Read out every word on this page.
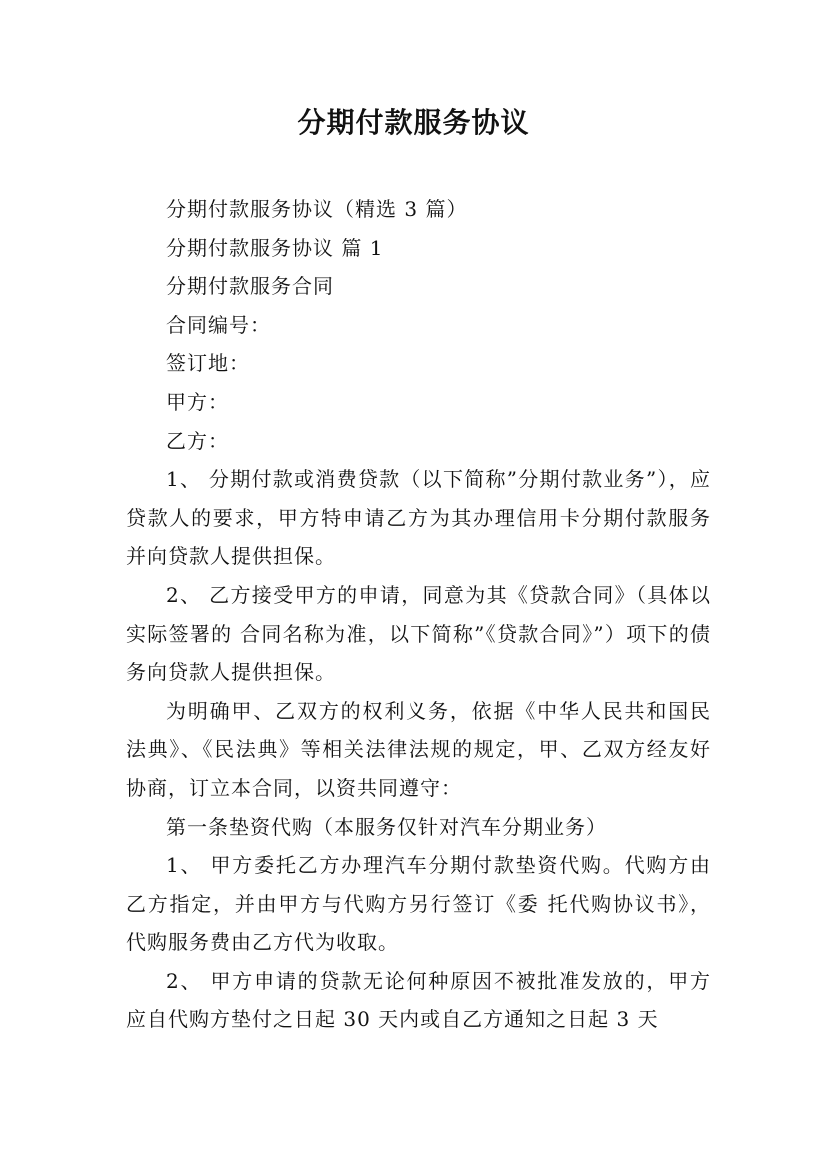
分期付款服务协议
分期付款服务协议（精选 3 篇）
分期付款服务协议 篇 1
分期付款服务合同
合同编号：
签订地：
甲方：
乙方：
1、 分期付款或消费贷款（以下简称”分期付款业务”），应贷款人的要求，甲方特申请乙方为其办理信用卡分期付款服务并向贷款人提供担保。
2、 乙方接受甲方的申请，同意为其《贷款合同》（具体以实际签署的 合同名称为准，以下简称”《贷款合同》”）项下的债务向贷款人提供担保。
为明确甲、乙双方的权利义务，依据《中华人民共和国民法典》、《民法典》等相关法律法规的规定，甲、乙双方经友好协商，订立本合同，以资共同遵守：
第一条垫资代购（本服务仅针对汽车分期业务）
1、 甲方委托乙方办理汽车分期付款垫资代购。代购方由乙方指定，并由甲方与代购方另行签订《委 托代购协议书》，代购服务费由乙方代为收取。
2、 甲方申请的贷款无论何种原因不被批准发放的，甲方应自代购方垫付之日起 30 天内或自乙方通知之日起 3 天
